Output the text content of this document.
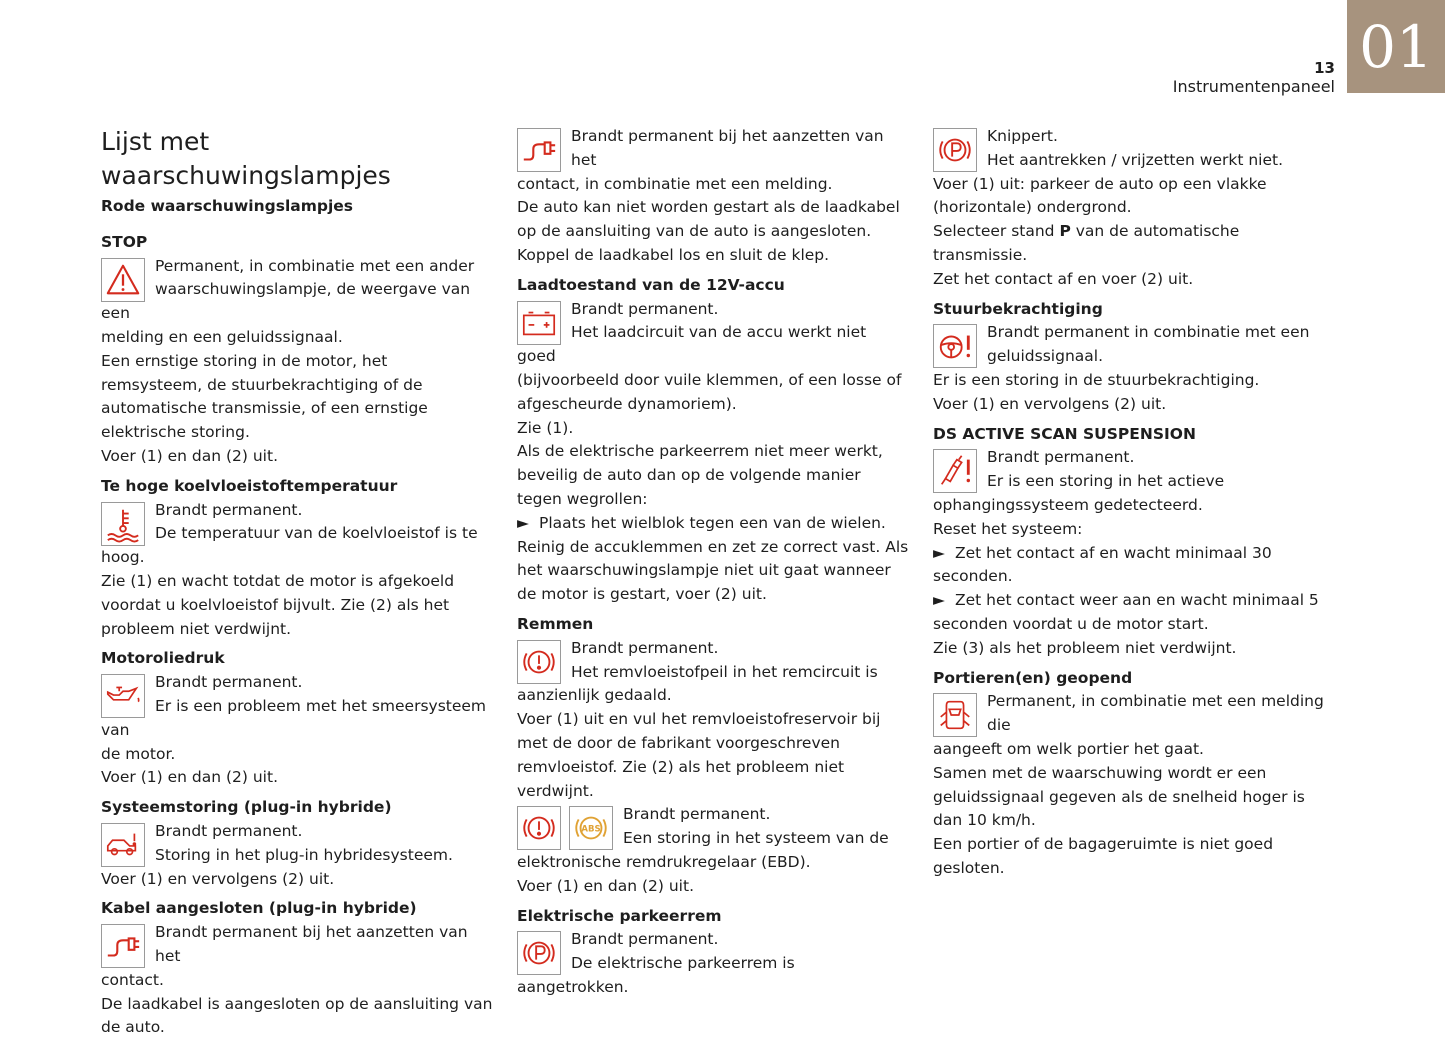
01
13
Instrumentenpaneel
Lijst met waarschuwingslampjes
Rode waarschuwingslampjes
STOP
Permanent, in combinatie met een ander
waarschuwingslampje, de weergave van een
melding en een geluidssignaal.
Een ernstige storing in de motor, het remsysteem, de stuurbekrachtiging of de automatische transmissie, of een ernstige elektrische storing.
Voer (1) en dan (2) uit.
Te hoge koelvloeistoftemperatuur
Brandt permanent.
De temperatuur van de koelvloeistof is te
hoog.
Zie (1) en wacht totdat de motor is afgekoeld voordat u koelvloeistof bijvult. Zie (2) als het probleem niet verdwijnt.
Motoroliedruk
Brandt permanent.
Er is een probleem met het smeersysteem van
de motor.
Voer (1) en dan (2) uit.
Systeemstoring (plug-in hybride)
Brandt permanent.
Storing in het plug-in hybridesysteem.
Voer (1) en vervolgens (2) uit.
Kabel aangesloten (plug-in hybride)
Brandt permanent bij het aanzetten van het
contact.
De laadkabel is aangesloten op de aansluiting van de auto.
Brandt permanent bij het aanzetten van het
contact, in combinatie met een melding.
De auto kan niet worden gestart als de laadkabel op de aansluiting van de auto is aangesloten.
Koppel de laadkabel los en sluit de klep.
Laadtoestand van de 12V-accu
Brandt permanent.
Het laadcircuit van de accu werkt niet goed
(bijvoorbeeld door vuile klemmen, of een losse of afgescheurde dynamoriem).
Zie (1).
Als de elektrische parkeerrem niet meer werkt, beveilig de auto dan op de volgende manier tegen wegrollen:
► Plaats het wielblok tegen een van de wielen.
Reinig de accuklemmen en zet ze correct vast. Als het waarschuwingslampje niet uit gaat wanneer de motor is gestart, voer (2) uit.
Remmen
Brandt permanent.
Het remvloeistofpeil in het remcircuit is
aanzienlijk gedaald.
Voer (1) uit en vul het remvloeistofreservoir bij met de door de fabrikant voorgeschreven remvloeistof. Zie (2) als het probleem niet verdwijnt.
ABS
Brandt permanent.
Een storing in het systeem van de
elektronische remdrukregelaar (EBD).
Voer (1) en dan (2) uit.
Elektrische parkeerrem
Brandt permanent.
De elektrische parkeerrem is aangetrokken.
Knippert.
Het aantrekken / vrijzetten werkt niet.
Voer (1) uit: parkeer de auto op een vlakke (horizontale) ondergrond.
Selecteer stand P van de automatische transmissie.
Zet het contact af en voer (2) uit.
Stuurbekrachtiging
Brandt permanent in combinatie met een
geluidssignaal.
Er is een storing in de stuurbekrachtiging.
Voer (1) en vervolgens (2) uit.
DS ACTIVE SCAN SUSPENSION
Brandt permanent.
Er is een storing in het actieve
ophangingssysteem gedetecteerd.
Reset het systeem:
► Zet het contact af en wacht minimaal 30 seconden.
► Zet het contact weer aan en wacht minimaal 5 seconden voordat u de motor start.
Zie (3) als het probleem niet verdwijnt.
Portieren(en) geopend
Permanent, in combinatie met een melding die
aangeeft om welk portier het gaat.
Samen met de waarschuwing wordt er een geluidssignaal gegeven als de snelheid hoger is dan 10 km/h.
Een portier of de bagageruimte is niet goed gesloten.
